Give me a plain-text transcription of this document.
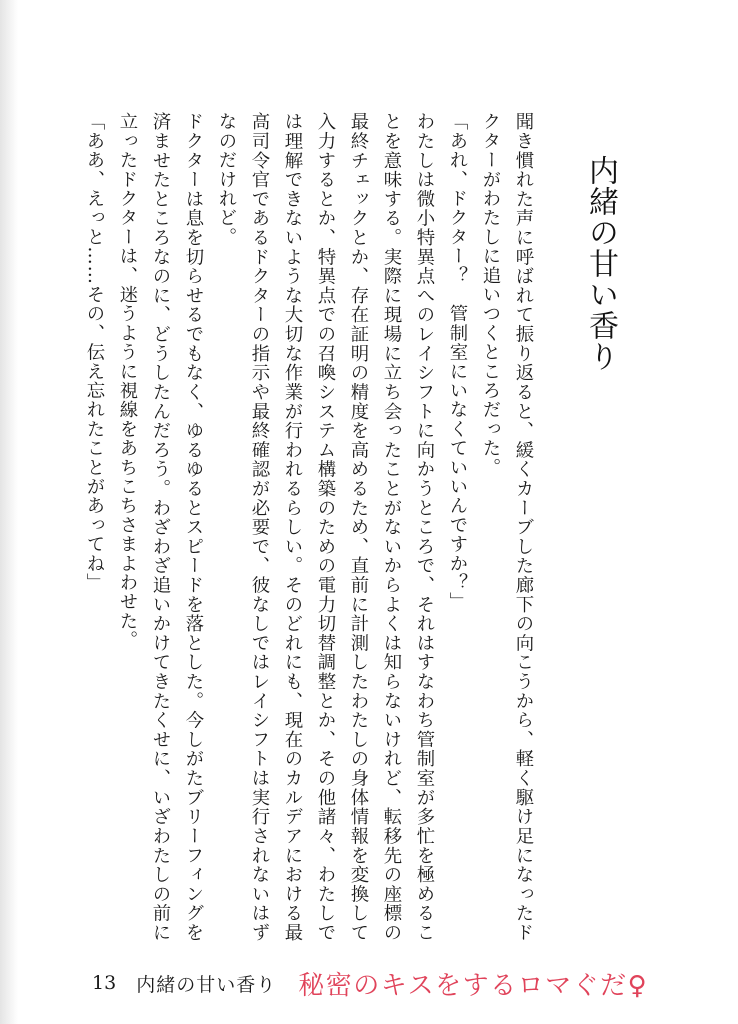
内緒の甘い香り

聞き慣れた声に呼ばれて振り返ると、緩くカーブした廊下の向こうから、軽く駆け足になったドクターがわたしに追いつくところだった。

「あれ、ドクター？　管制室にいなくていいんですか？」

わたしは微小特異点へのレイシフトに向かうところで、それはすなわち管制室が多忙を極めることを意味する。実際に現場に立ち会ったことがないからよくは知らないけれど、転移先の座標の最終チェックとか、存在証明の精度を高めるため、直前に計測したわたしの身体情報を変換して入力するとか、特異点での召喚システム構築のための電力切替調整とか、その他諸々、わたしでは理解できないような大切な作業が行われるらしい。そのどれにも、現在のカルデアにおける最高司令官であるドクターの指示や最終確認が必要で、彼なしではレイシフトは実行されないはずなのだけれど。

ドクターは息を切らせるでもなく、ゆるゆるとスピードを落とした。今しがたブリーフィングを済ませたところなのに、どうしたんだろう。わざわざ追いかけてきたくせに、いざわたしの前に立ったドクターは、迷うように視線をあちこちさまよわせた。

「ああ、えっと……その、伝え忘れたことがあってね」

13 内緒の甘い香り 秘密のキスをするロマぐだ♀
